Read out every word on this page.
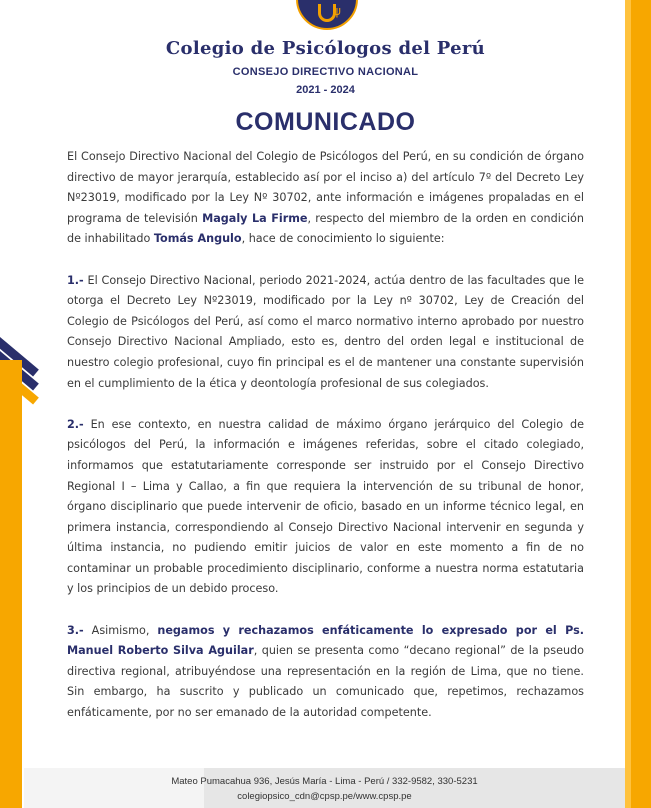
ψ
Colegio de Psicólogos del Perú
CONSEJO DIRECTIVO NACIONAL
2021 - 2024
COMUNICADO

El Consejo Directivo Nacional del Colegio de Psicólogos del Perú, en su condición de órgano directivo de mayor jerarquía, establecido así por el inciso a) del artículo 7º del Decreto Ley Nº23019, modificado por la Ley Nº 30702, ante información e imágenes propaladas en el programa de televisión Magaly La Firme, respecto del miembro de la orden en condición de inhabilitado Tomás Angulo, hace de conocimiento lo siguiente:

1.- El Consejo Directivo Nacional, periodo 2021-2024, actúa dentro de las facultades que le otorga el Decreto Ley Nº23019, modificado por la Ley nº 30702, Ley de Creación del Colegio de Psicólogos del Perú, así como el marco normativo interno aprobado por nuestro Consejo Directivo Nacional Ampliado, esto es, dentro del orden legal e institucional de nuestro colegio profesional, cuyo fin principal es el de mantener una constante supervisión en el cumplimiento de la ética y deontología profesional de sus colegiados.

2.- En ese contexto, en nuestra calidad de máximo órgano jerárquico del Colegio de psicólogos del Perú, la información e imágenes referidas, sobre el citado colegiado, informamos que estatutariamente corresponde ser instruido por el Consejo Directivo Regional I – Lima y Callao, a fin que requiera la intervención de su tribunal de honor, órgano disciplinario que puede intervenir de oficio, basado en un informe técnico legal, en primera instancia, correspondiendo al Consejo Directivo Nacional intervenir en segunda y última instancia, no pudiendo emitir juicios de valor en este momento a fin de no contaminar un probable procedimiento disciplinario, conforme a nuestra norma estatutaria y los principios de un debido proceso.

3.- Asimismo, negamos y rechazamos enfáticamente lo expresado por el Ps. Manuel Roberto Silva Aguilar, quien se presenta como “decano regional” de la pseudo directiva regional, atribuyéndose una representación en la región de Lima, que no tiene. Sin embargo, ha suscrito y publicado un comunicado que, repetimos, rechazamos enfáticamente, por no ser emanado de la autoridad competente.

Mateo Pumacahua 936, Jesús María - Lima - Perú / 332-9582, 330-5231
colegiopsico_cdn@cpsp.pe/www.cpsp.pe
